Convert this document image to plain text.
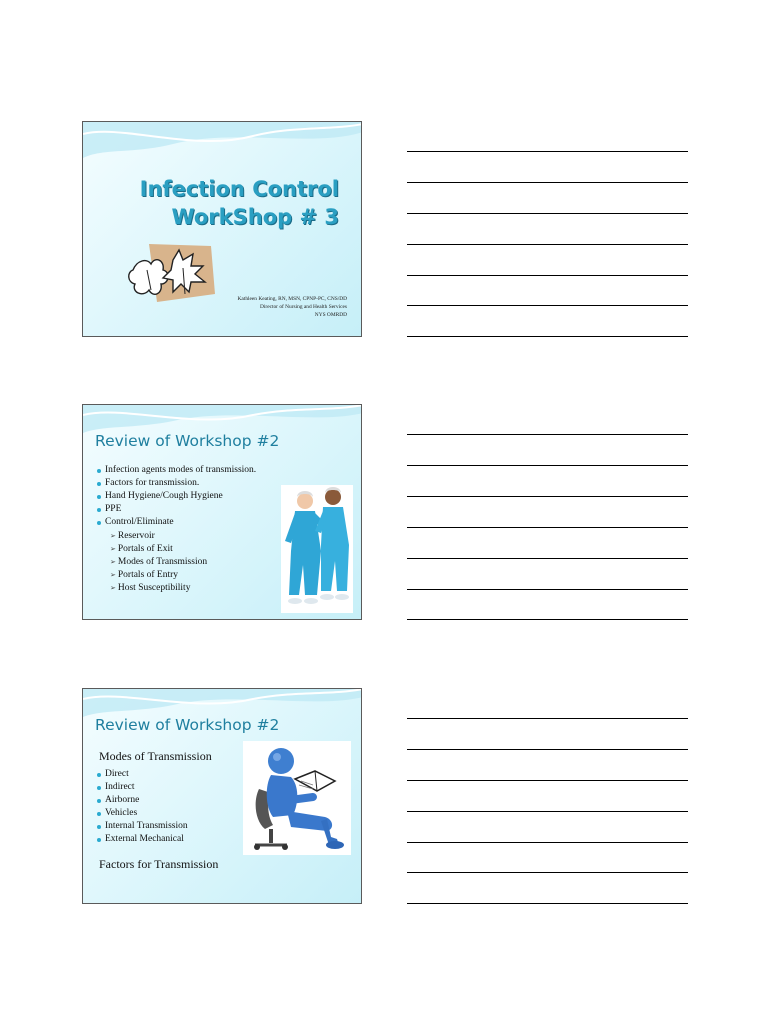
Infection Control
WorkShop # 3
Kathleen Keating, RN, MSN, CPNP-PC, CNS/DD
Director of Nursing and Health Services
NYS OMRDD
Review of Workshop #2
Infection agents modes of transmission.
Factors for transmission.
Hand Hygiene/Cough Hygiene
PPE
Control/Eliminate
➢ Reservoir
➢ Portals of Exit
➢ Modes of Transmission
➢ Portals of Entry
➢ Host Susceptibility
Review of Workshop #2
Modes of Transmission
Direct
Indirect
Airborne
Vehicles
Internal Transmission
External Mechanical
Factors for Transmission
